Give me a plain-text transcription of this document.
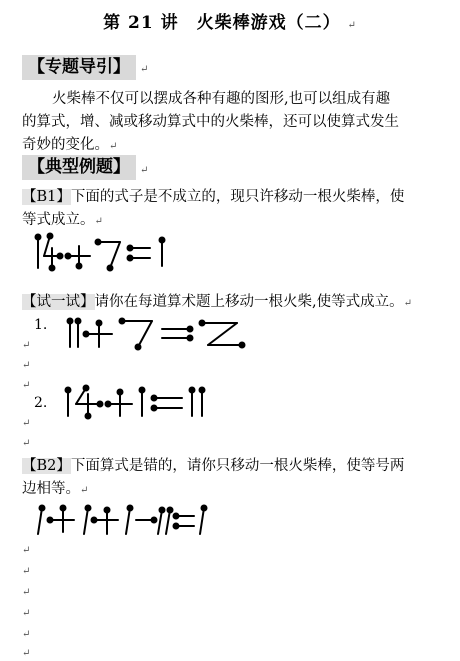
第 21 讲　火柴棒游戏（二） ↵
【专题导引】	↵
火柴棒不仅可以摆成各种有趣的图形,也可以组成有趣
的算式，增、减或移动算式中的火柴棒，还可以使算式发生
奇妙的变化。↵
【典型例题】	↵
【B1】下面的式子是不成立的，现只许移动一根火柴棒，使
等式成立。↵
【试一试】请你在每道算术题上移动一根火柴,使等式成立。↵
1.
↵
↵
↵
2.
↵
↵
【B2】下面算式是错的，请你只移动一根火柴棒，使等号两
边相等。↵
↵
↵
↵
↵
↵
↵
